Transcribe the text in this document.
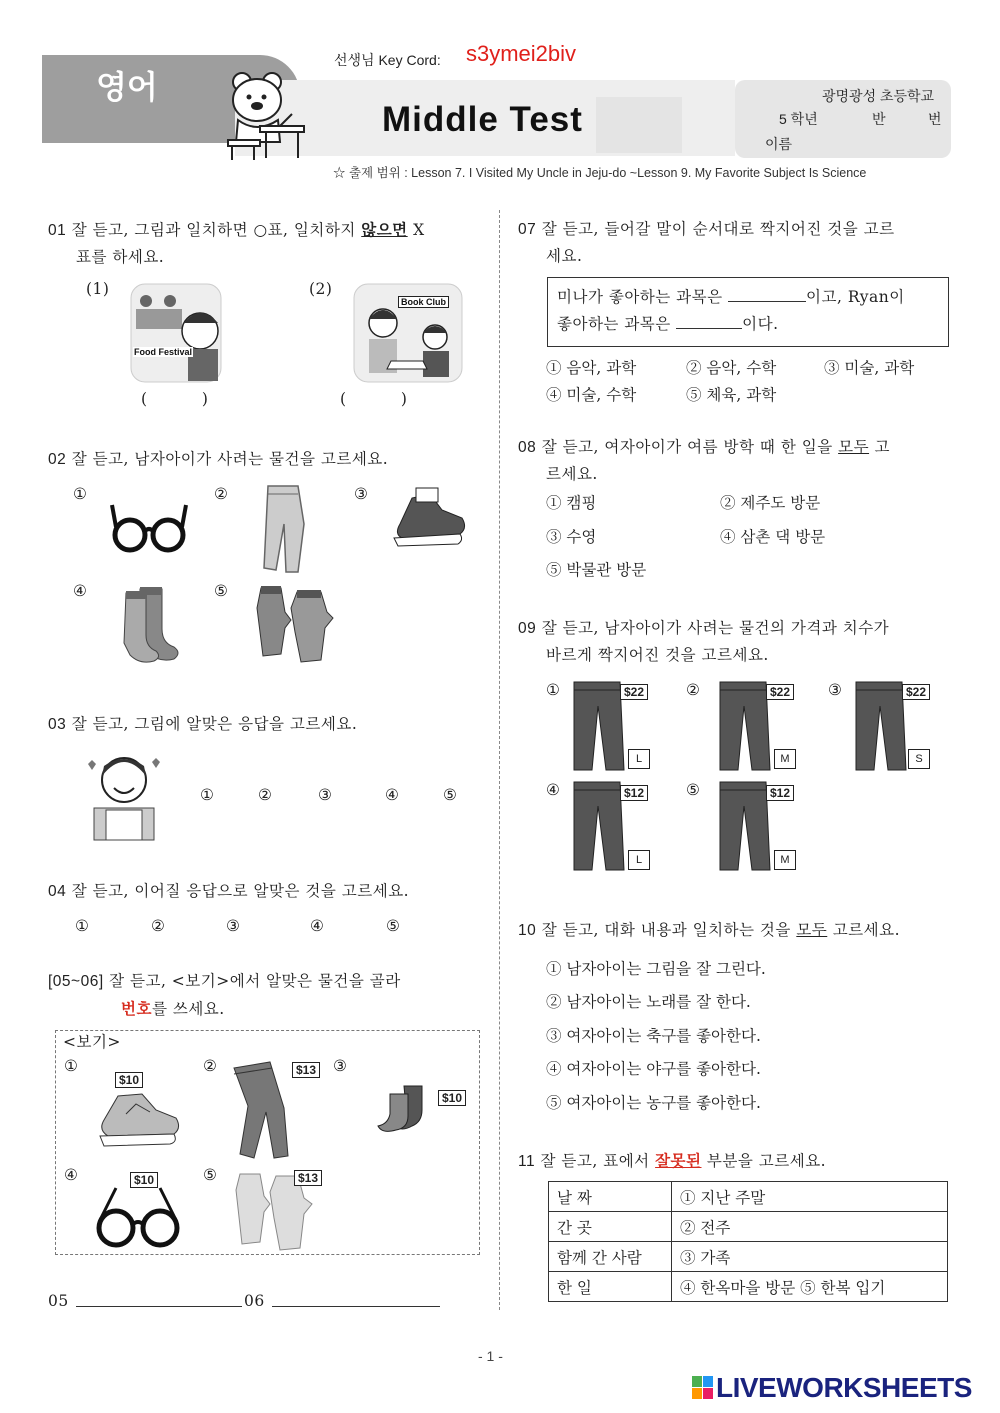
영어
선생님 Key Cord: s3ymei2biv
Middle Test
광명광성 초등학교
5 학년	반	번
이름
☆ 출제 범위 : Lesson 7. I Visited My Uncle in Jeju-do ~Lesson 9. My Favorite Subject Is Science
01 잘 듣고, 그림과 일치하면 ○표, 일치하지 않으면 X
표를 하세요.
(1)	(2)
Food Festival
Book Club
(          )	(          )
02 잘 듣고, 남자아이가 사려는 물건을 고르세요.
①	②	③
④	⑤
03 잘 듣고, 그림에 알맞은 응답을 고르세요.
①	②	③	④	⑤
04 잘 듣고, 이어질 응답으로 알맞은 것을 고르세요.
①	②	③	④	⑤
[05~06] 잘 듣고, <보기>에서 알맞은 물건을 골라
번호를 쓰세요.
<보기>
①	②	③
④	⑤
$10
$13
$10
$10	$13
05	06
07 잘 듣고, 들어갈 말이 순서대로 짝지어진 것을 고르
세요.
미나가 좋아하는 과목은	이고, Ryan이
좋아하는 과목은	이다.
① 음악, 과학	② 음악, 수학	③ 미술, 과학
④ 미술, 수학	⑤ 체육, 과학
08 잘 듣고, 여자아이가 여름 방학 때 한 일을 모두 고
르세요.
① 캠핑	② 제주도 방문
③ 수영	④ 삼촌 댁 방문
⑤ 박물관 방문
09 잘 듣고, 남자아이가 사려는 물건의 가격과 치수가
바르게 짝지어진 것을 고르세요.
①	②	③
④	⑤
$22	$22	$22
$12	$12
L	M	S
L	M
10 잘 듣고, 대화 내용과 일치하는 것을 모두 고르세요.
① 남자아이는 그림을 잘 그린다.
② 남자아이는 노래를 잘 한다.
③ 여자아이는 축구를 좋아한다.
④ 여자아이는 야구를 좋아한다.
⑤ 여자아이는 농구를 좋아한다.
11 잘 듣고, 표에서 잘못된 부분을 고르세요.
날 짜	① 지난 주말
간 곳	② 전주
함께 간 사람	③ 가족
한 일	④ 한옥마을 방문 ⑤ 한복 입기
- 1 -
LIVEWORKSHEETS
